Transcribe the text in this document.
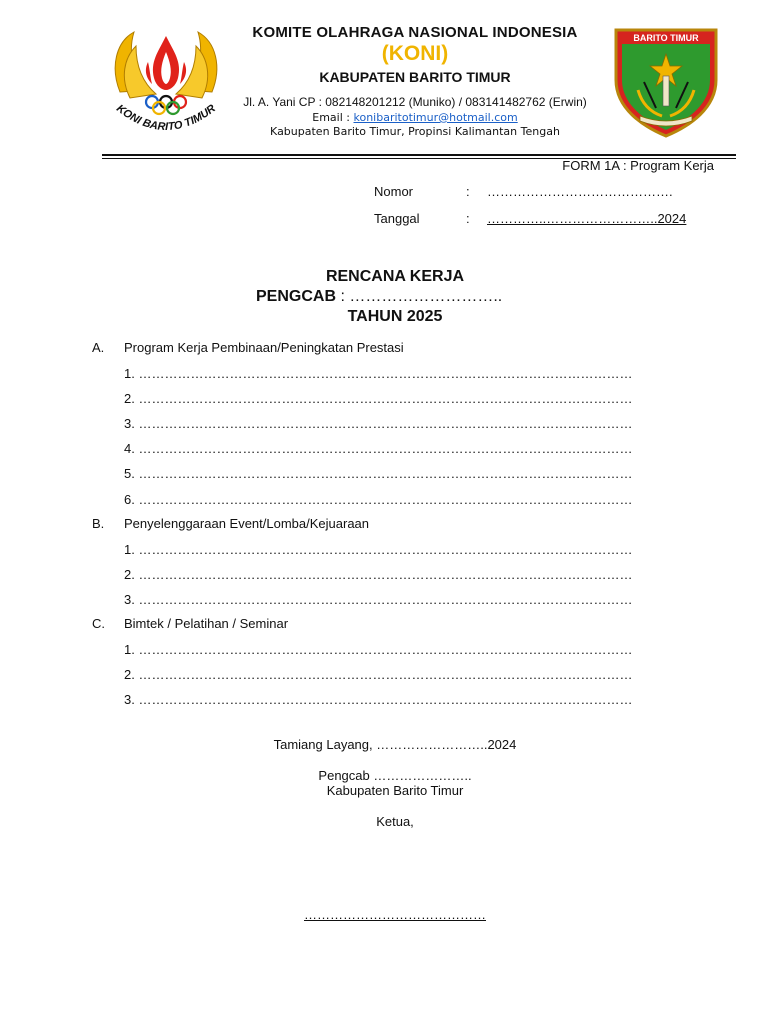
KONI BARITO TIMUR
KOMITE OLAHRAGA NASIONAL INDONESIA
(KONI)
KABUPATEN BARITO TIMUR
Jl. A. Yani CP : 082148201212 (Muniko) / 083141482762 (Erwin)
Email : konibaritotimur@hotmail.com
Kabupaten Barito Timur, Propinsi Kalimantan Tengah
BARITO TIMUR
FORM 1A : Program Kerja
Nomor	: …………………………………….
Tanggal	: …………..……………………..2024
RENCANA KERJA
PENGCAB : ………………………..
TAHUN 2025
A. Program Kerja Pembinaan/Peningkatan Prestasi
1. ……………………………………………………………………………………………………
2. ……………………………………………………………………………………………………
3. ……………………………………………………………………………………………………
4. ……………………………………………………………………………………………………
5. ……………………………………………………………………………………………………
6. ……………………………………………………………………………………………………
B. Penyelenggaraan Event/Lomba/Kejuaraan
1. ……………………………………………………………………………………………………
2. ……………………………………………………………………………………………………
3. ……………………………………………………………………………………………………
C. Bimtek / Pelatihan / Seminar
1. ……………………………………………………………………………………………………
2. ……………………………………………………………………………………………………
3. ……………………………………………………………………………………………………
Tamiang Layang, ……………………..2024
Pengcab …………………..
Kabupaten Barito Timur
Ketua,
……………………………………
